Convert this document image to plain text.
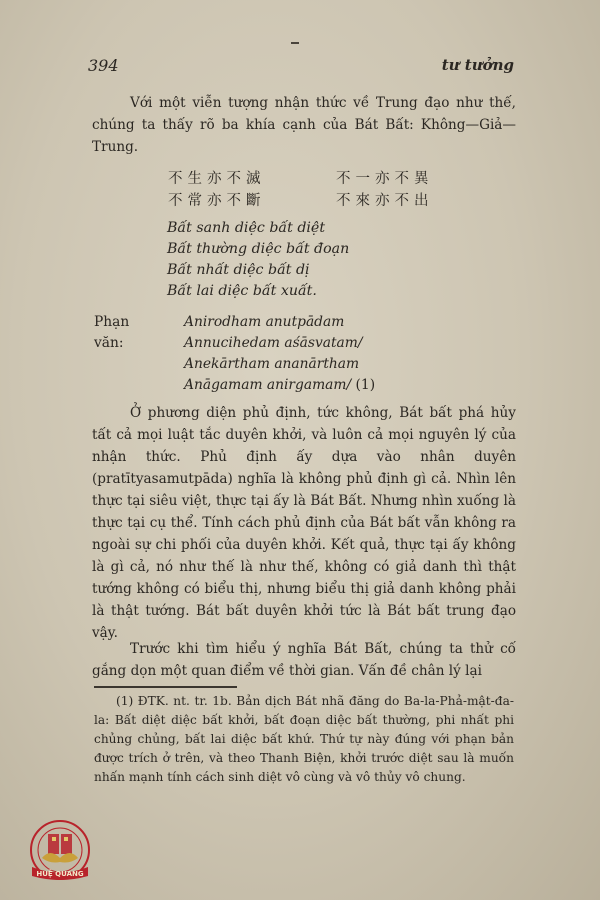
394	tư tưởng

Với một viễn tượng nhận thức về Trung đạo như thế, chúng ta thấy rõ ba khía cạnh của Bát Bất: Không—Giả—Trung.

不生亦不滅	不一亦不異
不常亦不斷	不來亦不出
Bất sanh diệc bất diệt
Bất thường diệc bất đoạn
Bất nhất diệc bất dị
Bất lai diệc bất xuất.
Phạn văn:
Anirodham anutpādam
Annucihedam aśāsvatam/
Anekārtham ananārtham
Anāgamam anirgamam/ (1)

Ở phương diện phủ định, tức không, Bát bất phá hủy tất cả mọi luật tắc duyên khởi, và luôn cả mọi nguyên lý của nhận thức. Phủ định ấy dựa vào nhân duyên (pratītyasamutpāda) nghĩa là không phủ định gì cả. Nhìn lên thực tại siêu việt, thực tại ấy là Bát Bất. Nhưng nhìn xuống là thực tại cụ thể. Tính cách phủ định của Bát bất vẫn không ra ngoài sự chi phối của duyên khởi. Kết quả, thực tại ấy không là gì cả, nó như thế là như thế, không có giả danh thì thật tướng không có biểu thị, nhưng biểu thị giả danh không phải là thật tướng. Bát bất duyên khởi tức là Bát bất trung đạo vậy.

Trước khi tìm hiểu ý nghĩa Bát Bất, chúng ta thử cố gắng dọn một quan điểm về thời gian. Vấn đề chân lý lại

(1) ĐTK. nt. tr. 1b. Bản dịch Bát nhã đăng do Ba-la-Phả-mật-đa-la: Bất diệt diệc bất khởi, bất đoạn diệc bất thường, phi nhất phi chủng chủng, bất lai diệc bất khứ. Thứ tự này đúng với phạn bản được trích ở trên, và theo Thanh Biện, khởi trước diệt sau là muốn nhấn mạnh tính cách sinh diệt vô cùng và vô thủy vô chung.

HUỆ QUANG
